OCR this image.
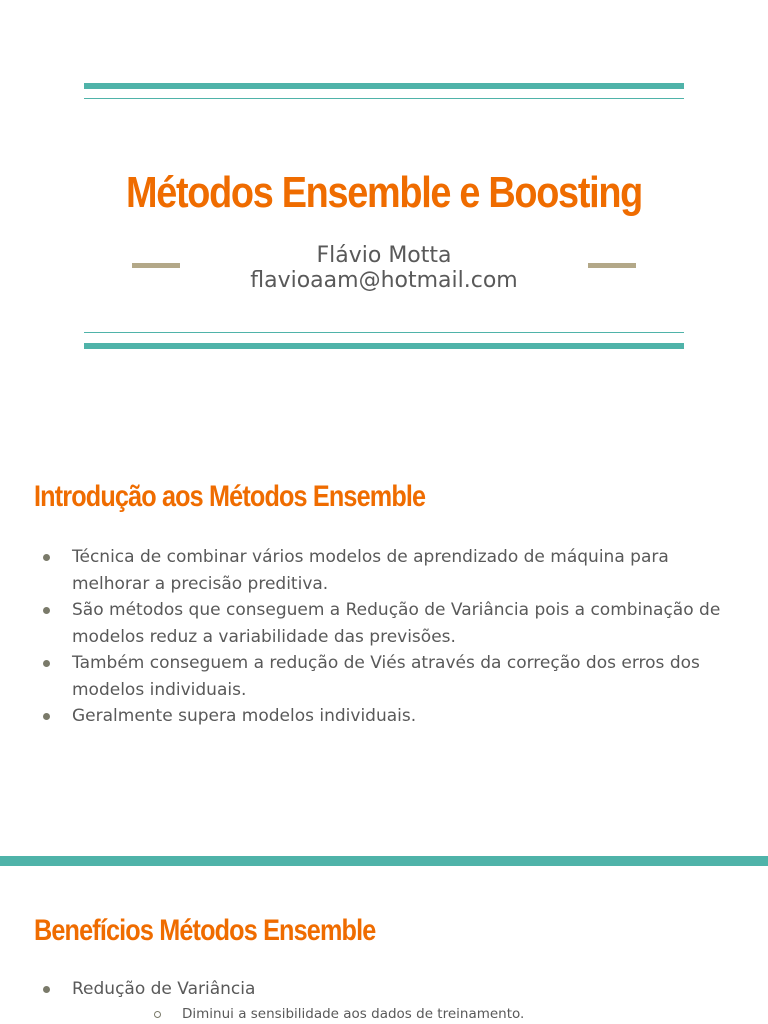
Métodos Ensemble e Boosting
Flávio Motta
flavioaam@hotmail.com
Introdução aos Métodos Ensemble
Técnica de combinar vários modelos de aprendizado de máquina para melhorar a precisão preditiva.
São métodos que conseguem a Redução de Variância pois a combinação de modelos reduz a variabilidade das previsões.
Também conseguem a redução de Viés através da correção dos erros dos modelos individuais.
Geralmente supera modelos individuais.
Benefícios Métodos Ensemble
Redução de Variância
Diminui a sensibilidade aos dados de treinamento.
